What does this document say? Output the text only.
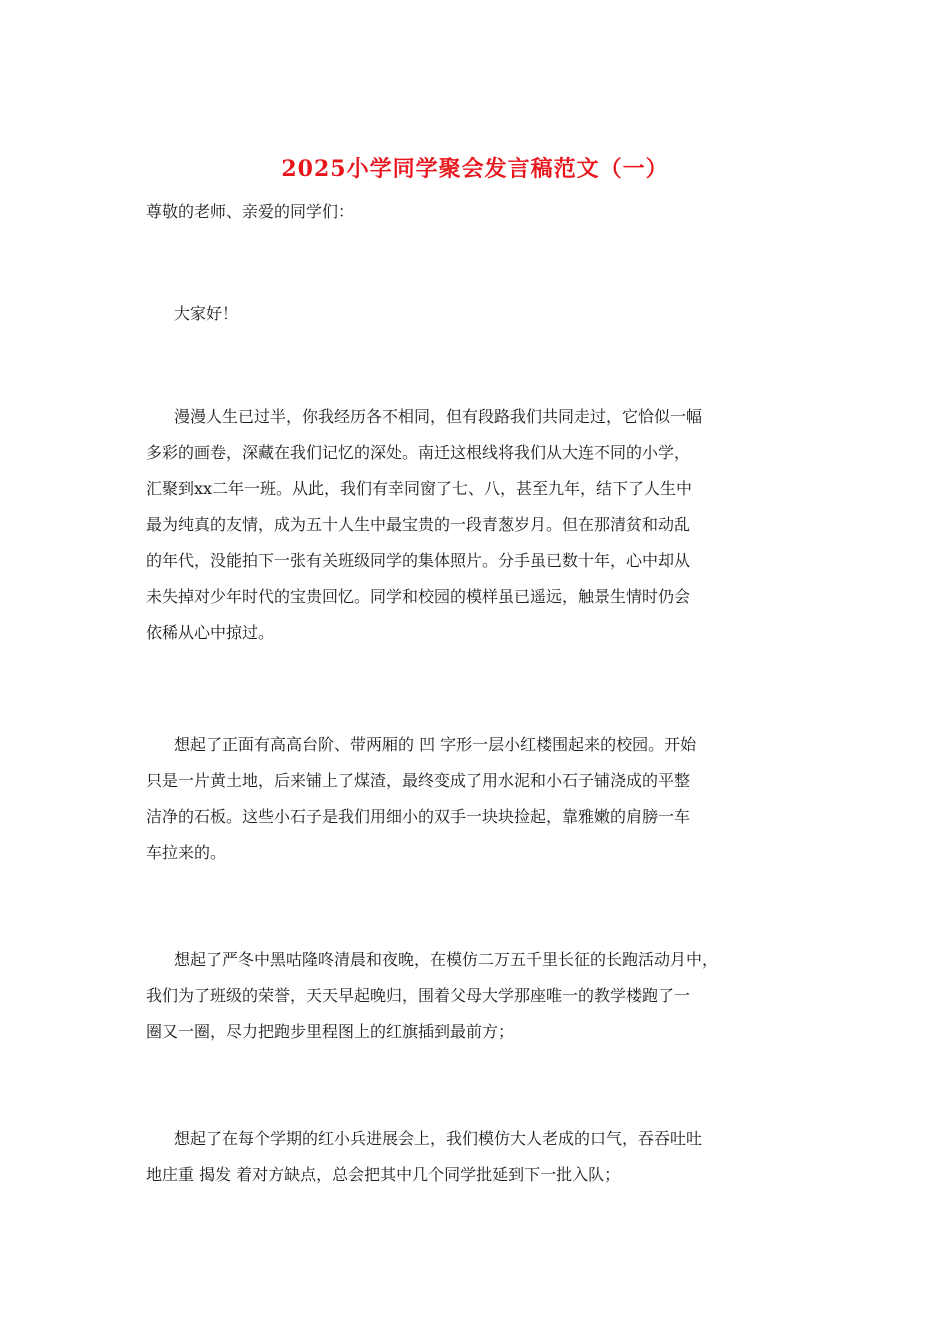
2025小学同学聚会发言稿范文（一）
尊敬的老师、亲爱的同学们：
大家好！
漫漫人生已过半，你我经历各不相同，但有段路我们共同走过，它恰似一幅
多彩的画卷，深藏在我们记忆的深处。南迁这根线将我们从大连不同的小学，
汇聚到xx二年一班。从此，我们有幸同窗了七、八，甚至九年，结下了人生中
最为纯真的友情，成为五十人生中最宝贵的一段青葱岁月。但在那清贫和动乱
的年代，没能拍下一张有关班级同学的集体照片。分手虽已数十年，心中却从
未失掉对少年时代的宝贵回忆。同学和校园的模样虽已遥远，触景生情时仍会
依稀从心中掠过。
想起了正面有高高台阶、带两厢的 凹 字形一层小红楼围起来的校园。开始
只是一片黄土地，后来铺上了煤渣，最终变成了用水泥和小石子铺浇成的平整
洁净的石板。这些小石子是我们用细小的双手一块块捡起，靠雅嫩的肩膀一车
车拉来的。
想起了严冬中黑咕隆咚清晨和夜晚，在模仿二万五千里长征的长跑活动月中，
我们为了班级的荣誉，天天早起晚归，围着父母大学那座唯一的教学楼跑了一
圈又一圈，尽力把跑步里程图上的红旗插到最前方；
想起了在每个学期的红小兵进展会上，我们模仿大人老成的口气，吞吞吐吐
地庄重 揭发 着对方缺点，总会把其中几个同学批延到下一批入队；
